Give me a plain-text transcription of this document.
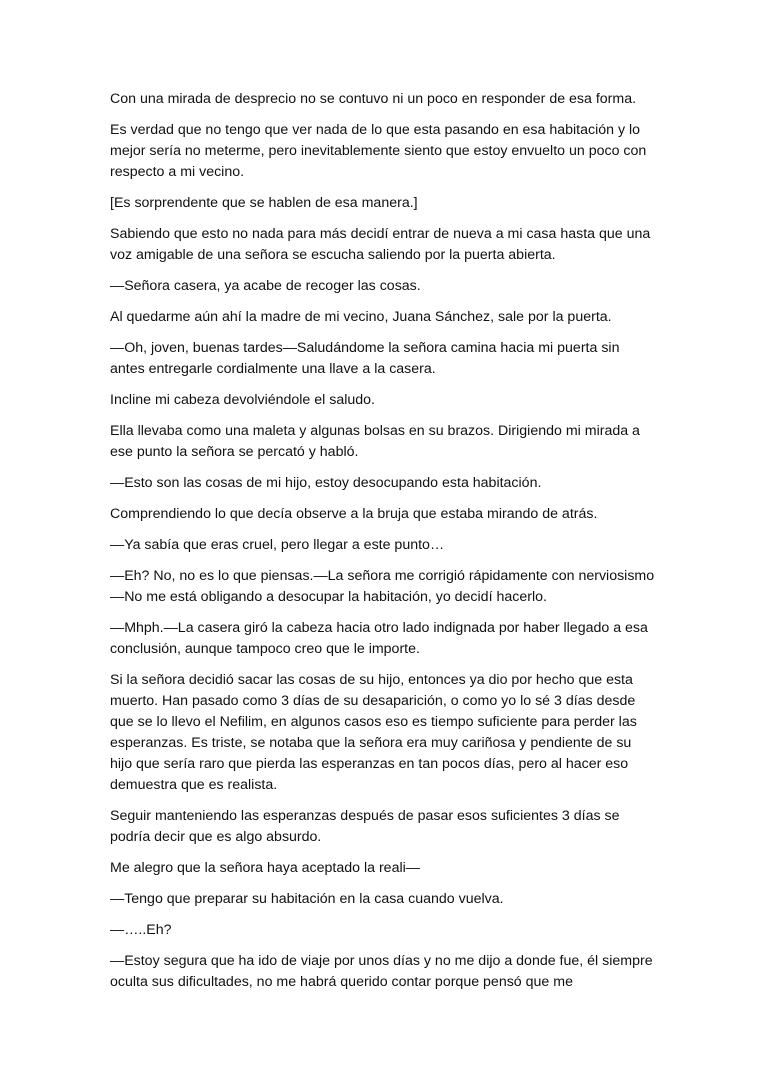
Con una mirada de desprecio no se contuvo ni un poco en responder de esa forma.

Es verdad que no tengo que ver nada de lo que esta pasando en esa habitación y lo mejor sería no meterme, pero inevitablemente siento que estoy envuelto un poco con respecto a mi vecino.

[Es sorprendente que se hablen de esa manera.]

Sabiendo que esto no nada para más decidí entrar de nueva a mi casa hasta que una voz amigable de una señora se escucha saliendo por la puerta abierta.

—Señora casera, ya acabe de recoger las cosas.

Al quedarme aún ahí la madre de mi vecino, Juana Sánchez, sale por la puerta.

—Oh, joven, buenas tardes—Saludándome la señora camina hacia mi puerta sin antes entregarle cordialmente una llave a la casera.

Incline mi cabeza devolviéndole el saludo.

Ella llevaba como una maleta y algunas bolsas en su brazos. Dirigiendo mi mirada a ese punto la señora se percató y habló.

—Esto son las cosas de mi hijo, estoy desocupando esta habitación.

Comprendiendo lo que decía observe a la bruja que estaba mirando de atrás.

—Ya sabía que eras cruel, pero llegar a este punto…

—Eh? No, no es lo que piensas.—La señora me corrigió rápidamente con nerviosismo—No me está obligando a desocupar la habitación, yo decidí hacerlo.

—Mhph.—La casera giró la cabeza hacia otro lado indignada por haber llegado a esa conclusión, aunque tampoco creo que le importe.

Si la señora decidió sacar las cosas de su hijo, entonces ya dio por hecho que esta muerto. Han pasado como 3 días de su desaparición, o como yo lo sé 3 días desde que se lo llevo el Nefilim, en algunos casos eso es tiempo suficiente para perder las esperanzas. Es triste, se notaba que la señora era muy cariñosa y pendiente de su hijo que sería raro que pierda las esperanzas en tan pocos días, pero al hacer eso demuestra que es realista.

Seguir manteniendo las esperanzas después de pasar esos suficientes 3 días se podría decir que es algo absurdo.

Me alegro que la señora haya aceptado la reali—

—Tengo que preparar su habitación en la casa cuando vuelva.

—…..Eh?

—Estoy segura que ha ido de viaje por unos días y no me dijo a donde fue, él siempre oculta sus dificultades, no me habrá querido contar porque pensó que me
